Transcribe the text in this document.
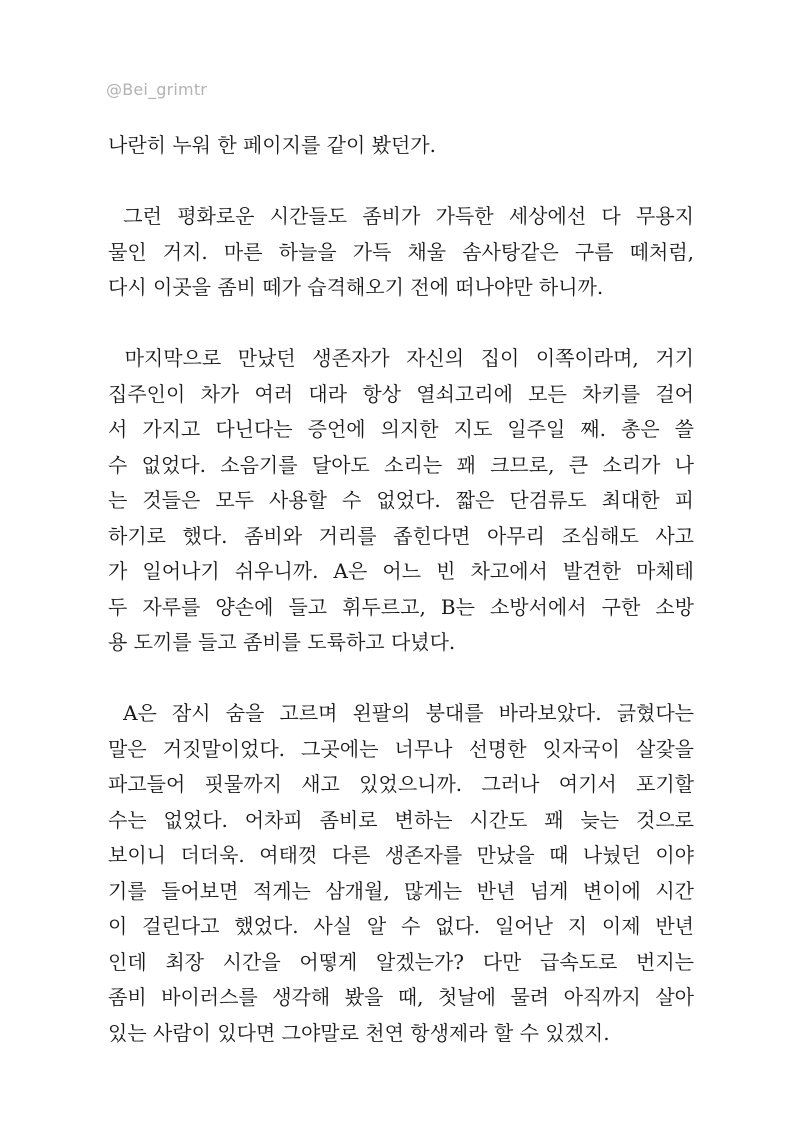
@Bei_grimtr

나란히 누워 한 페이지를 같이 봤던가.

그런 평화로운 시간들도 좀비가 가득한 세상에선 다 무용지
물인 거지. 마른 하늘을 가득 채울 솜사탕같은 구름 떼처럼,
다시 이곳을 좀비 떼가 습격해오기 전에 떠나야만 하니까.

마지막으로 만났던 생존자가 자신의 집이 이쪽이라며, 거기
집주인이 차가 여러 대라 항상 열쇠고리에 모든 차키를 걸어
서 가지고 다닌다는 증언에 의지한 지도 일주일 째. 총은 쓸
수 없었다. 소음기를 달아도 소리는 꽤 크므로, 큰 소리가 나
는 것들은 모두 사용할 수 없었다. 짧은 단검류도 최대한 피
하기로 했다. 좀비와 거리를 좁힌다면 아무리 조심해도 사고
가 일어나기 쉬우니까. A은 어느 빈 차고에서 발견한 마체테
두 자루를 양손에 들고 휘두르고, B는 소방서에서 구한 소방
용 도끼를 들고 좀비를 도륙하고 다녔다.

A은 잠시 숨을 고르며 왼팔의 붕대를 바라보았다. 긁혔다는
말은 거짓말이었다. 그곳에는 너무나 선명한 잇자국이 살갗을
파고들어 핏물까지 새고 있었으니까. 그러나 여기서 포기할
수는 없었다. 어차피 좀비로 변하는 시간도 꽤 늦는 것으로
보이니 더더욱. 여태껏 다른 생존자를 만났을 때 나눴던 이야
기를 들어보면 적게는 삼개월, 많게는 반년 넘게 변이에 시간
이 걸린다고 했었다. 사실 알 수 없다. 일어난 지 이제 반년
인데 최장 시간을 어떻게 알겠는가? 다만 급속도로 번지는
좀비 바이러스를 생각해 봤을 때, 첫날에 물려 아직까지 살아
있는 사람이 있다면 그야말로 천연 항생제라 할 수 있겠지.
